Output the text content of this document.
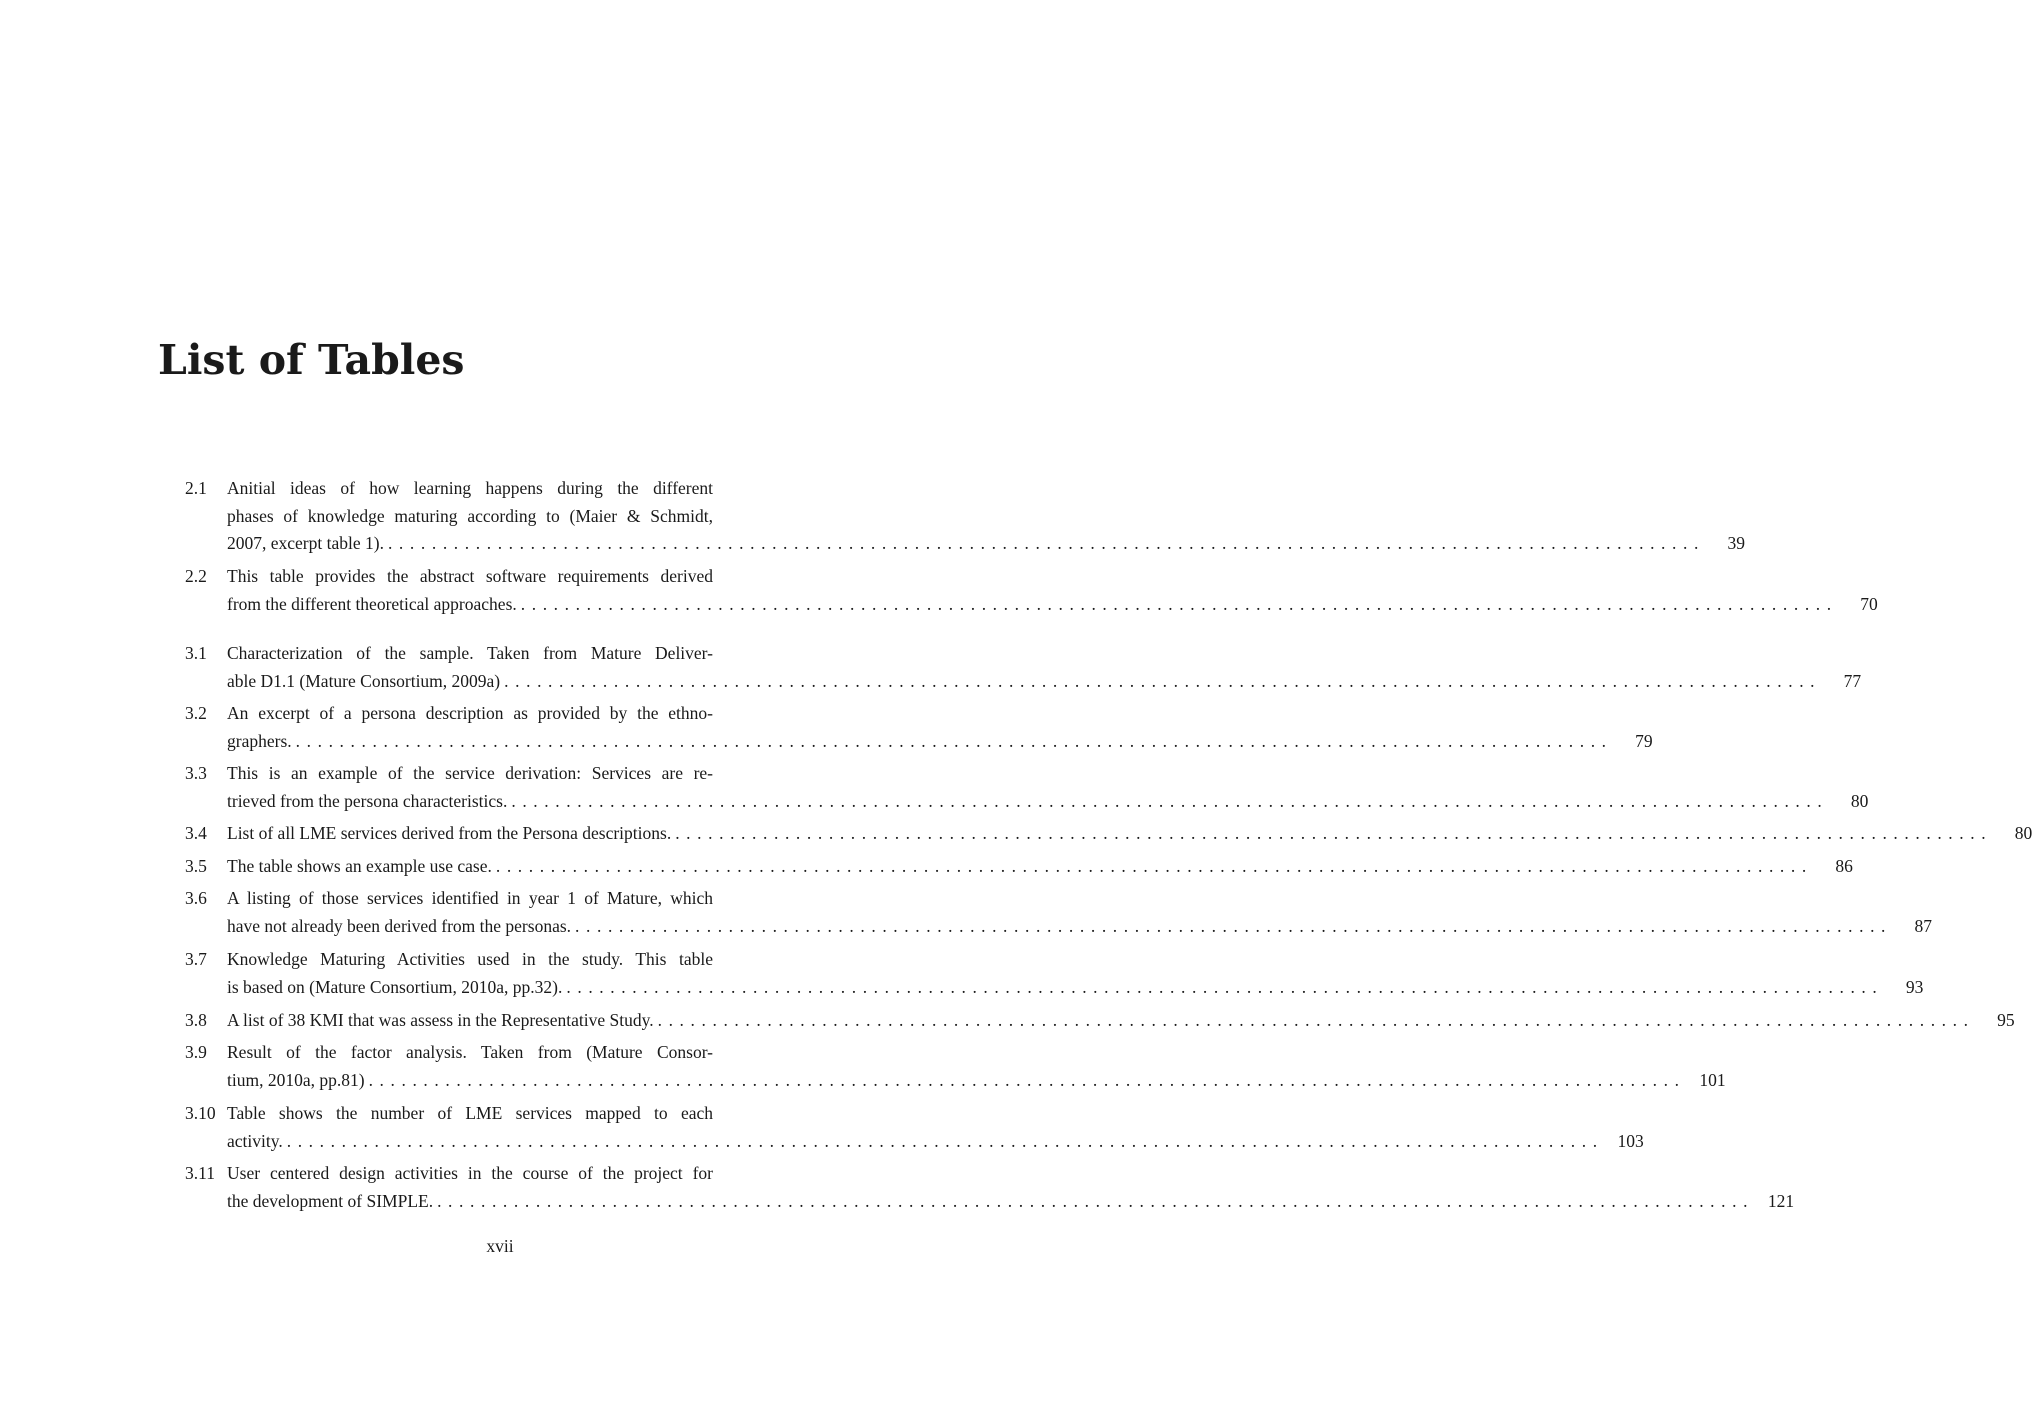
List of Tables
2.1 Anitial ideas of how learning happens during the different
phases of knowledge maturing according to (Maier & Schmidt,
2007, excerpt table 1). ........................................................................................................................	39
2.2 This table provides the abstract software requirements derived
from the different theoretical approaches. ........................................................................................................................	70
3.1 Characterization of the sample. Taken from Mature Deliver-
able D1.1 (Mature Consortium, 2009a) ........................................................................................................................	77
3.2 An excerpt of a persona description as provided by the ethno-
graphers. ........................................................................................................................	79
3.3 This is an example of the service derivation: Services are re-
trieved from the persona characteristics. ........................................................................................................................	80
3.4 List of all LME services derived from the Persona descriptions. ........................................................................................................................	80
3.5 The table shows an example use case. ........................................................................................................................	86
3.6 A listing of those services identified in year 1 of Mature, which
have not already been derived from the personas. ........................................................................................................................	87
3.7 Knowledge Maturing Activities used in the study. This table
is based on (Mature Consortium, 2010a, pp.32). ........................................................................................................................	93
3.8 A list of 38 KMI that was assess in the Representative Study. ........................................................................................................................	95
3.9 Result of the factor analysis. Taken from (Mature Consor-
tium, 2010a, pp.81) ........................................................................................................................ 101
3.10 Table shows the number of LME services mapped to each
activity. ........................................................................................................................ 103
3.11 User centered design activities in the course of the project for
the development of SIMPLE. ........................................................................................................................ 121
xvii
